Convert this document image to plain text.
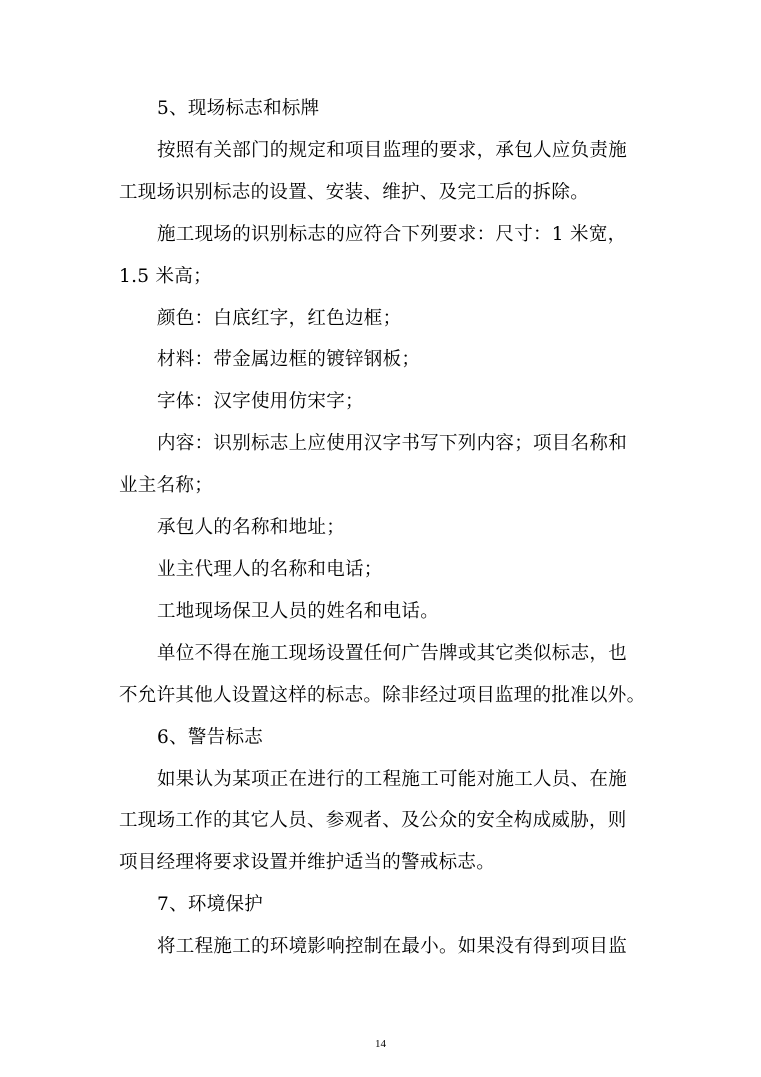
5、现场标志和标牌
按照有关部门的规定和项目监理的要求，承包人应负责施
工现场识别标志的设置、安装、维护、及完工后的拆除。
施工现场的识别标志的应符合下列要求：尺寸：1 米宽，
1.5 米高；
颜色：白底红字，红色边框；
材料：带金属边框的镀锌钢板；
字体：汉字使用仿宋字；
内容：识别标志上应使用汉字书写下列内容；项目名称和
业主名称；
承包人的名称和地址；
业主代理人的名称和电话；
工地现场保卫人员的姓名和电话。
单位不得在施工现场设置任何广告牌或其它类似标志，也
不允许其他人设置这样的标志。除非经过项目监理的批准以外。
6、警告标志
如果认为某项正在进行的工程施工可能对施工人员、在施
工现场工作的其它人员、参观者、及公众的安全构成威胁，则
项目经理将要求设置并维护适当的警戒标志。
7、环境保护
将工程施工的环境影响控制在最小。如果没有得到项目监
14
